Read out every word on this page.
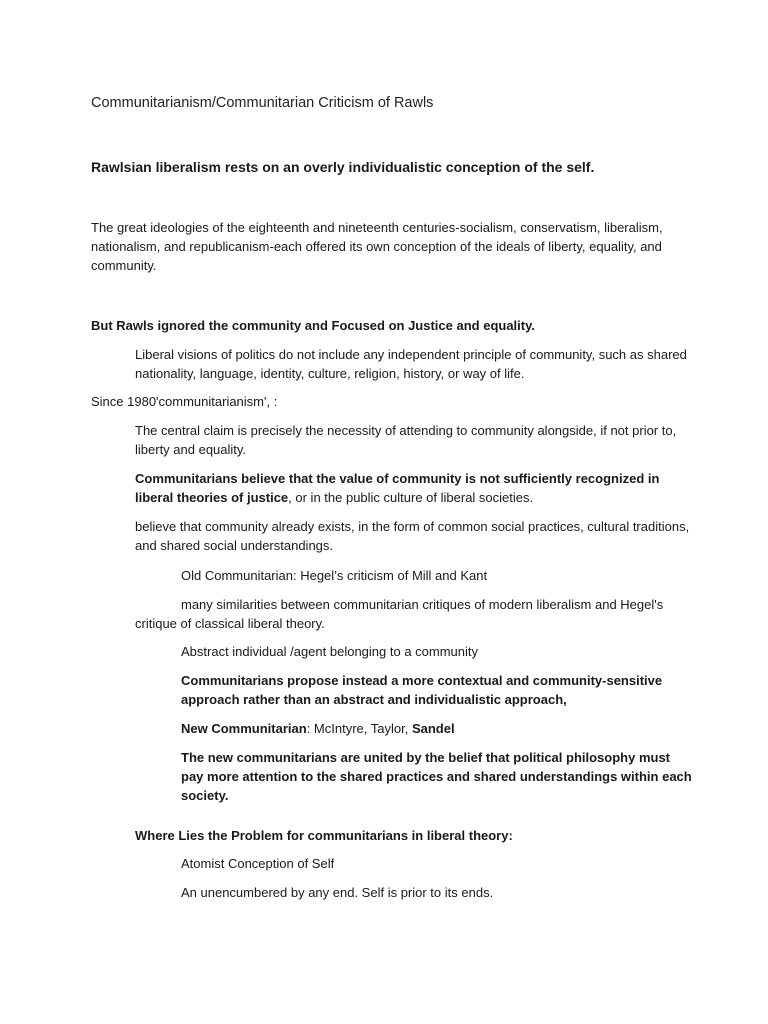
Communitarianism/Communitarian Criticism of Rawls

Rawlsian liberalism rests on an overly individualistic conception of the self.

The great ideologies of the eighteenth and nineteenth centuries-socialism, conservatism, liberalism, nationalism, and republicanism-each offered its own conception of the ideals of liberty, equality, and community.

But Rawls ignored the community and Focused on Justice and equality.

Liberal visions of politics do not include any independent principle of community, such as shared nationality, language, identity, culture, religion, history, or way of life.

Since 1980'communitarianism', :

The central claim is precisely the necessity of attending to community alongside, if not prior to, liberty and equality.

Communitarians believe that the value of community is not sufficiently recognized in liberal theories of justice, or in the public culture of liberal societies.

believe that community already exists, in the form of common social practices, cultural traditions, and shared social understandings.

Old Communitarian: Hegel’s criticism of Mill and Kant

many similarities between communitarian critiques of modern liberalism and Hegel's critique of classical liberal theory.

Abstract individual /agent belonging to a community

Communitarians propose instead a more contextual and community-sensitive approach rather than an abstract and individualistic approach,

New Communitarian: McIntyre, Taylor, Sandel

The new communitarians are united by the belief that political philosophy must pay more attention to the shared practices and shared understandings within each society.

Where Lies the Problem for communitarians in liberal theory:

Atomist Conception of Self

An unencumbered by any end. Self is prior to its ends.
